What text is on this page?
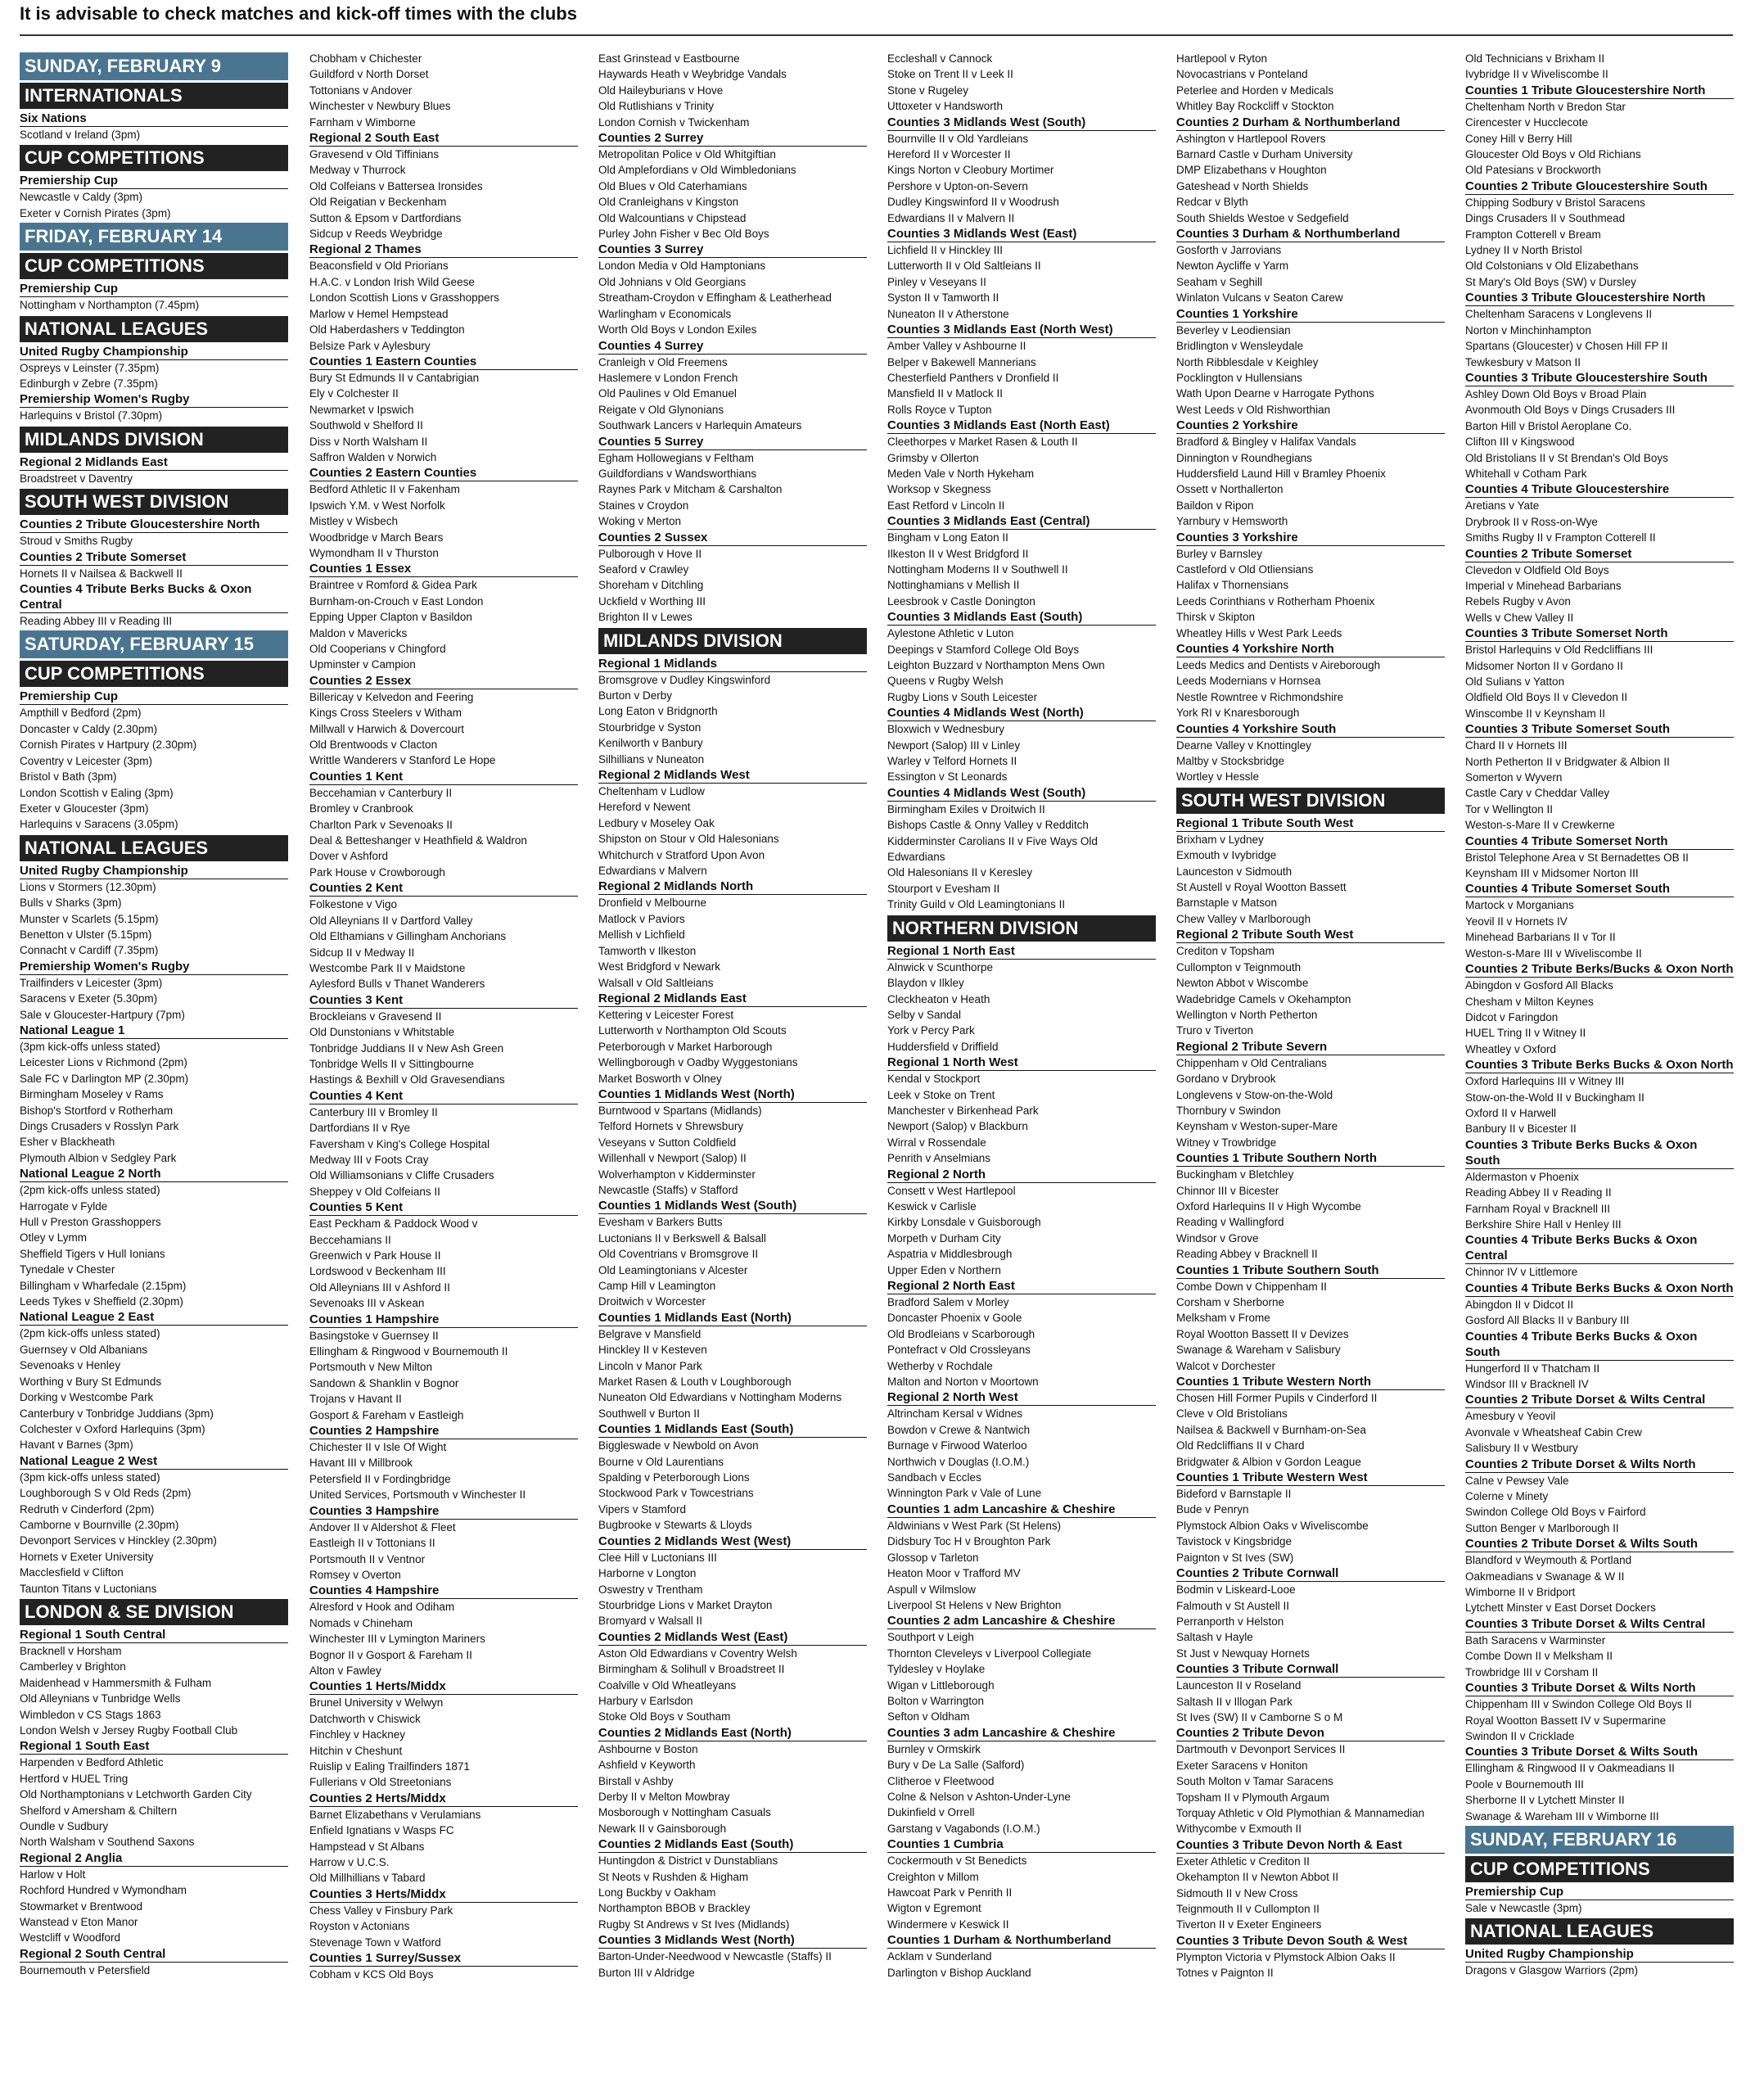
It is advisable to check matches and kick-off times with the clubs
SUNDAY, FEBRUARY 9
INTERNATIONALS
Six Nations
Scotland v Ireland (3pm)
CUP COMPETITIONS
Premiership Cup
Newcastle v Caldy (3pm)
Exeter v Cornish Pirates (3pm)
FRIDAY, FEBRUARY 14
CUP COMPETITIONS
Premiership Cup
Nottingham v Northampton (7.45pm)
NATIONAL LEAGUES
United Rugby Championship
Ospreys v Leinster (7.35pm)
Edinburgh v Zebre (7.35pm)
Premiership Women's Rugby
Harlequins v Bristol (7.30pm)
MIDLANDS DIVISION
Regional 2 Midlands East
Broadstreet v Daventry
SOUTH WEST DIVISION
Counties 2 Tribute Gloucestershire North
Stroud v Smiths Rugby
Counties 2 Tribute Somerset
Hornets II v Nailsea & Backwell II
Counties 4 Tribute Berks Bucks & Oxon Central
Reading Abbey III v Reading III
SATURDAY, FEBRUARY 15
CUP COMPETITIONS
Premiership Cup
Ampthill v Bedford (2pm)
Doncaster v Caldy (2.30pm)
Cornish Pirates v Hartpury (2.30pm)
Coventry v Leicester (3pm)
Bristol v Bath (3pm)
London Scottish v Ealing (3pm)
Exeter v Gloucester (3pm)
Harlequins v Saracens (3.05pm)
NATIONAL LEAGUES
United Rugby Championship
Lions v Stormers (12.30pm)
Bulls v Sharks (3pm)
Munster v Scarlets (5.15pm)
Benetton v Ulster (5.15pm)
Connacht v Cardiff (7.35pm)
Premiership Women's Rugby
Trailfinders v Leicester (3pm)
Saracens v Exeter (5.30pm)
Sale v Gloucester-Hartpury (7pm)
National League 1
(3pm kick-offs unless stated)
Leicester Lions v Richmond (2pm)
Sale FC v Darlington MP (2.30pm)
Birmingham Moseley v Rams
Bishop's Stortford v Rotherham
Dings Crusaders v Rosslyn Park
Esher v Blackheath
Plymouth Albion v Sedgley Park
National League 2 North
(2pm kick-offs unless stated)
Harrogate v Fylde
Hull v Preston Grasshoppers
Otley v Lymm
Sheffield Tigers v Hull Ionians
Tynedale v Chester
Billingham v Wharfedale (2.15pm)
Leeds Tykes v Sheffield (2.30pm)
National League 2 East
(2pm kick-offs unless stated)
Guernsey v Old Albanians
Sevenoaks v Henley
Worthing v Bury St Edmunds
Dorking v Westcombe Park
Canterbury v Tonbridge Juddians (3pm)
Colchester v Oxford Harlequins (3pm)
Havant v Barnes (3pm)
National League 2 West
(3pm kick-offs unless stated)
Loughborough S v Old Reds (2pm)
Redruth v Cinderford (2pm)
Camborne v Bournville (2.30pm)
Devonport Services v Hinckley (2.30pm)
Hornets v Exeter University
Macclesfield v Clifton
Taunton Titans v Luctonians
LONDON & SE DIVISION
Regional 1 South Central
Bracknell v Horsham
Camberley v Brighton
Maidenhead v Hammersmith & Fulham
Old Alleynians v Tunbridge Wells
Wimbledon v CS Stags 1863
London Welsh v Jersey Rugby Football Club
Regional 1 South East
Harpenden v Bedford Athletic
Hertford v HUEL Tring
Old Northamptonians v Letchworth Garden City
Shelford v Amersham & Chiltern
Oundle v Sudbury
North Walsham v Southend Saxons
Regional 2 Anglia
Harlow v Holt
Rochford Hundred v Wymondham
Stowmarket v Brentwood
Wanstead v Eton Manor
Westcliff v Woodford
Regional 2 South Central
Bournemouth v Petersfield
Chobham v Chichester
Guildford v North Dorset
Tottonians v Andover
Winchester v Newbury Blues
Farnham v Wimborne
Regional 2 South East
Gravesend v Old Tiffinians
Medway v Thurrock
Old Colfeians v Battersea Ironsides
Old Reigatian v Beckenham
Sutton & Epsom v Dartfordians
Sidcup v Reeds Weybridge
Regional 2 Thames
Beaconsfield v Old Priorians
H.A.C. v London Irish Wild Geese
London Scottish Lions v Grasshoppers
Marlow v Hemel Hempstead
Old Haberdashers v Teddington
Belsize Park v Aylesbury
Counties 1 Eastern Counties
Bury St Edmunds II v Cantabrigian
Ely v Colchester II
Newmarket v Ipswich
Southwold v Shelford II
Diss v North Walsham II
Saffron Walden v Norwich
Counties 2 Eastern Counties
Bedford Athletic II v Fakenham
Ipswich Y.M. v West Norfolk
Mistley v Wisbech
Woodbridge v March Bears
Wymondham II v Thurston
Counties 1 Essex
Braintree v Romford & Gidea Park
Burnham-on-Crouch v East London
Epping Upper Clapton v Basildon
Maldon v Mavericks
Old Cooperians v Chingford
Upminster v Campion
Counties 2 Essex
Billericay v Kelvedon and Feering
Kings Cross Steelers v Witham
Millwall v Harwich & Dovercourt
Old Brentwoods v Clacton
Writtle Wanderers v Stanford Le Hope
Counties 1 Kent
Beccehamian v Canterbury II
Bromley v Cranbrook
Charlton Park v Sevenoaks II
Deal & Betteshanger v Heathfield & Waldron
Dover v Ashford
Park House v Crowborough
Counties 2 Kent
Folkestone v Vigo
Old Alleynians II v Dartford Valley
Old Elthamians v Gillingham Anchorians
Sidcup II v Medway II
Westcombe Park II v Maidstone
Aylesford Bulls v Thanet Wanderers
Counties 3 Kent
Brockleians v Gravesend II
Old Dunstonians v Whitstable
Tonbridge Juddians II v New Ash Green
Tonbridge Wells II v Sittingbourne
Hastings & Bexhill v Old Gravesendians
Counties 4 Kent
Canterbury III v Bromley II
Dartfordians II v Rye
Faversham v King's College Hospital
Medway III v Foots Cray
Old Williamsonians v Cliffe Crusaders
Sheppey v Old Colfeians II
Counties 5 Kent
East Peckham & Paddock Wood v
Beccehamians II
Greenwich v Park House II
Lordswood v Beckenham III
Old Alleynians III v Ashford II
Sevenoaks III v Askean
Counties 1 Hampshire
Basingstoke v Guernsey II
Ellingham & Ringwood v Bournemouth II
Portsmouth v New Milton
Sandown & Shanklin v Bognor
Trojans v Havant II
Gosport & Fareham v Eastleigh
Counties 2 Hampshire
Chichester II v Isle Of Wight
Havant III v Millbrook
Petersfield II v Fordingbridge
United Services, Portsmouth v Winchester II
Counties 3 Hampshire
Andover II v Aldershot & Fleet
Eastleigh II v Tottonians II
Portsmouth II v Ventnor
Romsey v Overton
Counties 4 Hampshire
Alresford v Hook and Odiham
Nomads v Chineham
Winchester III v Lymington Mariners
Bognor II v Gosport & Fareham II
Alton v Fawley
Counties 1 Herts/Middx
Brunel University v Welwyn
Datchworth v Chiswick
Finchley v Hackney
Hitchin v Cheshunt
Ruislip v Ealing Trailfinders 1871
Fullerians v Old Streetonians
Counties 2 Herts/Middx
Barnet Elizabethans v Verulamians
Enfield Ignatians v Wasps FC
Hampstead v St Albans
Harrow v U.C.S.
Old Millhillians v Tabard
Counties 3 Herts/Middx
Chess Valley v Finsbury Park
Royston v Actonians
Stevenage Town v Watford
Counties 1 Surrey/Sussex
Cobham v KCS Old Boys
East Grinstead v Eastbourne
Haywards Heath v Weybridge Vandals
Old Haileyburians v Hove
Old Rutlishians v Trinity
London Cornish v Twickenham
Counties 2 Surrey
Metropolitan Police v Old Whitgiftian
Old Amplefordians v Old Wimbledonians
Old Blues v Old Caterhamians
Old Cranleighans v Kingston
Old Walcountians v Chipstead
Purley John Fisher v Bec Old Boys
Counties 3 Surrey
London Media v Old Hamptonians
Old Johnians v Old Georgians
Streatham-Croydon v Effingham & Leatherhead
Warlingham v Economicals
Worth Old Boys v London Exiles
Counties 4 Surrey
Cranleigh v Old Freemens
Haslemere v London French
Old Paulines v Old Emanuel
Reigate v Old Glynonians
Southwark Lancers v Harlequin Amateurs
Counties 5 Surrey
Egham Hollowegians v Feltham
Guildfordians v Wandsworthians
Raynes Park v Mitcham & Carshalton
Staines v Croydon
Woking v Merton
Counties 2 Sussex
Pulborough v Hove II
Seaford v Crawley
Shoreham v Ditchling
Uckfield v Worthing III
Brighton II v Lewes
MIDLANDS DIVISION
Regional 1 Midlands
Bromsgrove v Dudley Kingswinford
Burton v Derby
Long Eaton v Bridgnorth
Stourbridge v Syston
Kenilworth v Banbury
Silhillians v Nuneaton
Regional 2 Midlands West
Cheltenham v Ludlow
Hereford v Newent
Ledbury v Moseley Oak
Shipston on Stour v Old Halesonians
Whitchurch v Stratford Upon Avon
Edwardians v Malvern
Regional 2 Midlands North
Dronfield v Melbourne
Matlock v Paviors
Mellish v Lichfield
Tamworth v Ilkeston
West Bridgford v Newark
Walsall v Old Saltleians
Regional 2 Midlands East
Kettering v Leicester Forest
Lutterworth v Northampton Old Scouts
Peterborough v Market Harborough
Wellingborough v Oadby Wyggestonians
Market Bosworth v Olney
Counties 1 Midlands West (North)
Burntwood v Spartans (Midlands)
Telford Hornets v Shrewsbury
Veseyans v Sutton Coldfield
Willenhall v Newport (Salop) II
Wolverhampton v Kidderminster
Newcastle (Staffs) v Stafford
Counties 1 Midlands West (South)
Evesham v Barkers Butts
Luctonians II v Berkswell & Balsall
Old Coventrians v Bromsgrove II
Old Leamingtonians v Alcester
Camp Hill v Leamington
Droitwich v Worcester
Counties 1 Midlands East (North)
Belgrave v Mansfield
Hinckley II v Kesteven
Lincoln v Manor Park
Market Rasen & Louth v Loughborough
Nuneaton Old Edwardians v Nottingham Moderns
Southwell v Burton II
Counties 1 Midlands East (South)
Biggleswade v Newbold on Avon
Bourne v Old Laurentians
Spalding v Peterborough Lions
Stockwood Park v Towcestrians
Vipers v Stamford
Bugbrooke v Stewarts & Lloyds
Counties 2 Midlands West (West)
Clee Hill v Luctonians III
Harborne v Longton
Oswestry v Trentham
Stourbridge Lions v Market Drayton
Bromyard v Walsall II
Counties 2 Midlands West (East)
Aston Old Edwardians v Coventry Welsh
Birmingham & Solihull v Broadstreet II
Coalville v Old Wheatleyans
Harbury v Earlsdon
Stoke Old Boys v Southam
Counties 2 Midlands East (North)
Ashbourne v Boston
Ashfield v Keyworth
Birstall v Ashby
Derby II v Melton Mowbray
Mosborough v Nottingham Casuals
Newark II v Gainsborough
Counties 2 Midlands East (South)
Huntingdon & District v Dunstablians
St Neots v Rushden & Higham
Long Buckby v Oakham
Northampton BBOB v Brackley
Rugby St Andrews v St Ives (Midlands)
Counties 3 Midlands West (North)
Barton-Under-Needwood v Newcastle (Staffs) II
Burton III v Aldridge
Eccleshall v Cannock
Stoke on Trent II v Leek II
Stone v Rugeley
Uttoxeter v Handsworth
Counties 3 Midlands West (South)
Bournville II v Old Yardleians
Hereford II v Worcester II
Kings Norton v Cleobury Mortimer
Pershore v Upton-on-Severn
Dudley Kingswinford II v Woodrush
Edwardians II v Malvern II
Counties 3 Midlands West (East)
Lichfield II v Hinckley III
Lutterworth II v Old Saltleians II
Pinley v Veseyans II
Syston II v Tamworth II
Nuneaton II v Atherstone
Counties 3 Midlands East (North West)
Amber Valley v Ashbourne II
Belper v Bakewell Mannerians
Chesterfield Panthers v Dronfield II
Mansfield II v Matlock II
Rolls Royce v Tupton
Counties 3 Midlands East (North East)
Cleethorpes v Market Rasen & Louth II
Grimsby v Ollerton
Meden Vale v North Hykeham
Worksop v Skegness
East Retford v Lincoln II
Counties 3 Midlands East (Central)
Bingham v Long Eaton II
Ilkeston II v West Bridgford II
Nottingham Moderns II v Southwell II
Nottinghamians v Mellish II
Leesbrook v Castle Donington
Counties 3 Midlands East (South)
Aylestone Athletic v Luton
Deepings v Stamford College Old Boys
Leighton Buzzard v Northampton Mens Own
Queens v Rugby Welsh
Rugby Lions v South Leicester
Counties 4 Midlands West (North)
Bloxwich v Wednesbury
Newport (Salop) III v Linley
Warley v Telford Hornets II
Essington v St Leonards
Counties 4 Midlands West (South)
Birmingham Exiles v Droitwich II
Bishops Castle & Onny Valley v Redditch
Kidderminster Carolians II v Five Ways Old
Edwardians
Old Halesonians II v Keresley
Stourport v Evesham II
Trinity Guild v Old Leamingtonians II
NORTHERN DIVISION
Regional 1 North East
Alnwick v Scunthorpe
Blaydon v Ilkley
Cleckheaton v Heath
Selby v Sandal
York v Percy Park
Huddersfield v Driffield
Regional 1 North West
Kendal v Stockport
Leek v Stoke on Trent
Manchester v Birkenhead Park
Newport (Salop) v Blackburn
Wirral v Rossendale
Penrith v Anselmians
Regional 2 North
Consett v West Hartlepool
Keswick v Carlisle
Kirkby Lonsdale v Guisborough
Morpeth v Durham City
Aspatria v Middlesbrough
Upper Eden v Northern
Regional 2 North East
Bradford Salem v Morley
Doncaster Phoenix v Goole
Old Brodleians v Scarborough
Pontefract v Old Crossleyans
Wetherby v Rochdale
Malton and Norton v Moortown
Regional 2 North West
Altrincham Kersal v Widnes
Bowdon v Crewe & Nantwich
Burnage v Firwood Waterloo
Northwich v Douglas (I.O.M.)
Sandbach v Eccles
Winnington Park v Vale of Lune
Counties 1 adm Lancashire & Cheshire
Aldwinians v West Park (St Helens)
Didsbury Toc H v Broughton Park
Glossop v Tarleton
Heaton Moor v Trafford MV
Aspull v Wilmslow
Liverpool St Helens v New Brighton
Counties 2 adm Lancashire & Cheshire
Southport v Leigh
Thornton Cleveleys v Liverpool Collegiate
Tyldesley v Hoylake
Wigan v Littleborough
Bolton v Warrington
Sefton v Oldham
Counties 3 adm Lancashire & Cheshire
Burnley v Ormskirk
Bury v De La Salle (Salford)
Clitheroe v Fleetwood
Colne & Nelson v Ashton-Under-Lyne
Dukinfield v Orrell
Garstang v Vagabonds (I.O.M.)
Counties 1 Cumbria
Cockermouth v St Benedicts
Creighton v Millom
Hawcoat Park v Penrith II
Wigton v Egremont
Windermere v Keswick II
Counties 1 Durham & Northumberland
Acklam v Sunderland
Darlington v Bishop Auckland
Hartlepool v Ryton
Novocastrians v Ponteland
Peterlee and Horden v Medicals
Whitley Bay Rockcliff v Stockton
Counties 2 Durham & Northumberland
Ashington v Hartlepool Rovers
Barnard Castle v Durham University
DMP Elizabethans v Houghton
Gateshead v North Shields
Redcar v Blyth
South Shields Westoe v Sedgefield
Counties 3 Durham & Northumberland
Gosforth v Jarrovians
Newton Aycliffe v Yarm
Seaham v Seghill
Winlaton Vulcans v Seaton Carew
Counties 1 Yorkshire
Beverley v Leodiensian
Bridlington v Wensleydale
North Ribblesdale v Keighley
Pocklington v Hullensians
Wath Upon Dearne v Harrogate Pythons
West Leeds v Old Rishworthian
Counties 2 Yorkshire
Bradford & Bingley v Halifax Vandals
Dinnington v Roundhegians
Huddersfield Laund Hill v Bramley Phoenix
Ossett v Northallerton
Baildon v Ripon
Yarnbury v Hemsworth
Counties 3 Yorkshire
Burley v Barnsley
Castleford v Old Otliensians
Halifax v Thornensians
Leeds Corinthians v Rotherham Phoenix
Thirsk v Skipton
Wheatley Hills v West Park Leeds
Counties 4 Yorkshire North
Leeds Medics and Dentists v Aireborough
Leeds Modernians v Hornsea
Nestle Rowntree v Richmondshire
York RI v Knaresborough
Counties 4 Yorkshire South
Dearne Valley v Knottingley
Maltby v Stocksbridge
Wortley v Hessle
SOUTH WEST DIVISION
Regional 1 Tribute South West
Brixham v Lydney
Exmouth v Ivybridge
Launceston v Sidmouth
St Austell v Royal Wootton Bassett
Barnstaple v Matson
Chew Valley v Marlborough
Regional 2 Tribute South West
Crediton v Topsham
Cullompton v Teignmouth
Newton Abbot v Wiscombe
Wadebridge Camels v Okehampton
Wellington v North Petherton
Truro v Tiverton
Regional 2 Tribute Severn
Chippenham v Old Centralians
Gordano v Drybrook
Longlevens v Stow-on-the-Wold
Thornbury v Swindon
Keynsham v Weston-super-Mare
Witney v Trowbridge
Counties 1 Tribute Southern North
Buckingham v Bletchley
Chinnor III v Bicester
Oxford Harlequins II v High Wycombe
Reading v Wallingford
Windsor v Grove
Reading Abbey v Bracknell II
Counties 1 Tribute Southern South
Combe Down v Chippenham II
Corsham v Sherborne
Melksham v Frome
Royal Wootton Bassett II v Devizes
Swanage & Wareham v Salisbury
Walcot v Dorchester
Counties 1 Tribute Western North
Chosen Hill Former Pupils v Cinderford II
Cleve v Old Bristolians
Nailsea & Backwell v Burnham-on-Sea
Old Redcliffians II v Chard
Bridgwater & Albion v Gordon League
Counties 1 Tribute Western West
Bideford v Barnstaple II
Bude v Penryn
Plymstock Albion Oaks v Wiveliscombe
Tavistock v Kingsbridge
Paignton v St Ives (SW)
Counties 2 Tribute Cornwall
Bodmin v Liskeard-Looe
Falmouth v St Austell II
Perranporth v Helston
Saltash v Hayle
St Just v Newquay Hornets
Counties 3 Tribute Cornwall
Launceston II v Roseland
Saltash II v Illogan Park
St Ives (SW) II v Camborne S o M
Counties 2 Tribute Devon
Dartmouth v Devonport Services II
Exeter Saracens v Honiton
South Molton v Tamar Saracens
Topsham II v Plymouth Argaum
Torquay Athletic v Old Plymothian & Mannamedian
Withycombe v Exmouth II
Counties 3 Tribute Devon North & East
Exeter Athletic v Crediton II
Okehampton II v Newton Abbot II
Sidmouth II v New Cross
Teignmouth II v Cullompton II
Tiverton II v Exeter Engineers
Counties 3 Tribute Devon South & West
Plympton Victoria v Plymstock Albion Oaks II
Totnes v Paignton II
Old Technicians v Brixham II
Ivybridge II v Wiveliscombe II
Counties 1 Tribute Gloucestershire North
Cheltenham North v Bredon Star
Cirencester v Hucclecote
Coney Hill v Berry Hill
Gloucester Old Boys v Old Richians
Old Patesians v Brockworth
Counties 2 Tribute Gloucestershire South
Chipping Sodbury v Bristol Saracens
Dings Crusaders II v Southmead
Frampton Cotterell v Bream
Lydney II v North Bristol
Old Colstonians v Old Elizabethans
St Mary's Old Boys (SW) v Dursley
Counties 3 Tribute Gloucestershire North
Cheltenham Saracens v Longlevens II
Norton v Minchinhampton
Spartans (Gloucester) v Chosen Hill FP II
Tewkesbury v Matson II
Counties 3 Tribute Gloucestershire South
Ashley Down Old Boys v Broad Plain
Avonmouth Old Boys v Dings Crusaders III
Barton Hill v Bristol Aeroplane Co.
Clifton III v Kingswood
Old Bristolians II v St Brendan's Old Boys
Whitehall v Cotham Park
Counties 4 Tribute Gloucestershire
Aretians v Yate
Drybrook II v Ross-on-Wye
Smiths Rugby II v Frampton Cotterell II
Counties 2 Tribute Somerset
Clevedon v Oldfield Old Boys
Imperial v Minehead Barbarians
Rebels Rugby v Avon
Wells v Chew Valley II
Counties 3 Tribute Somerset North
Bristol Harlequins v Old Redcliffians III
Midsomer Norton II v Gordano II
Old Sulians v Yatton
Oldfield Old Boys II v Clevedon II
Winscombe II v Keynsham II
Counties 3 Tribute Somerset South
Chard II v Hornets III
North Petherton II v Bridgwater & Albion II
Somerton v Wyvern
Castle Cary v Cheddar Valley
Tor v Wellington II
Weston-s-Mare II v Crewkerne
Counties 4 Tribute Somerset North
Bristol Telephone Area v St Bernadettes OB II
Keynsham III v Midsomer Norton III
Counties 4 Tribute Somerset South
Martock v Morganians
Yeovil II v Hornets IV
Minehead Barbarians II v Tor II
Weston-s-Mare III v Wiveliscombe II
Counties 2 Tribute Berks/Bucks & Oxon North
Abingdon v Gosford All Blacks
Chesham v Milton Keynes
Didcot v Faringdon
HUEL Tring II v Witney II
Wheatley v Oxford
Counties 3 Tribute Berks Bucks & Oxon North
Oxford Harlequins III v Witney III
Stow-on-the-Wold II v Buckingham II
Oxford II v Harwell
Banbury II v Bicester II
Counties 3 Tribute Berks Bucks & Oxon South
Aldermaston v Phoenix
Reading Abbey II v Reading II
Farnham Royal v Bracknell III
Berkshire Shire Hall v Henley III
Counties 4 Tribute Berks Bucks & Oxon Central
Chinnor IV v Littlemore
Counties 4 Tribute Berks Bucks & Oxon North
Abingdon II v Didcot II
Gosford All Blacks II v Banbury III
Counties 4 Tribute Berks Bucks & Oxon South
Hungerford II v Thatcham II
Windsor III v Bracknell IV
Counties 2 Tribute Dorset & Wilts Central
Amesbury v Yeovil
Avonvale v Wheatsheaf Cabin Crew
Salisbury II v Westbury
Counties 2 Tribute Dorset & Wilts North
Calne v Pewsey Vale
Colerne v Minety
Swindon College Old Boys v Fairford
Sutton Benger v Marlborough II
Counties 2 Tribute Dorset & Wilts South
Blandford v Weymouth & Portland
Oakmeadians v Swanage & W II
Wimborne II v Bridport
Lytchett Minster v East Dorset Dockers
Counties 3 Tribute Dorset & Wilts Central
Bath Saracens v Warminster
Combe Down II v Melksham II
Trowbridge III v Corsham II
Counties 3 Tribute Dorset & Wilts North
Chippenham III v Swindon College Old Boys II
Royal Wootton Bassett IV v Supermarine
Swindon II v Cricklade
Counties 3 Tribute Dorset & Wilts South
Ellingham & Ringwood II v Oakmeadians II
Poole v Bournemouth III
Sherborne II v Lytchett Minster II
Swanage & Wareham III v Wimborne III
SUNDAY, FEBRUARY 16
CUP COMPETITIONS
Premiership Cup
Sale v Newcastle (3pm)
NATIONAL LEAGUES
United Rugby Championship
Dragons v Glasgow Warriors (2pm)
